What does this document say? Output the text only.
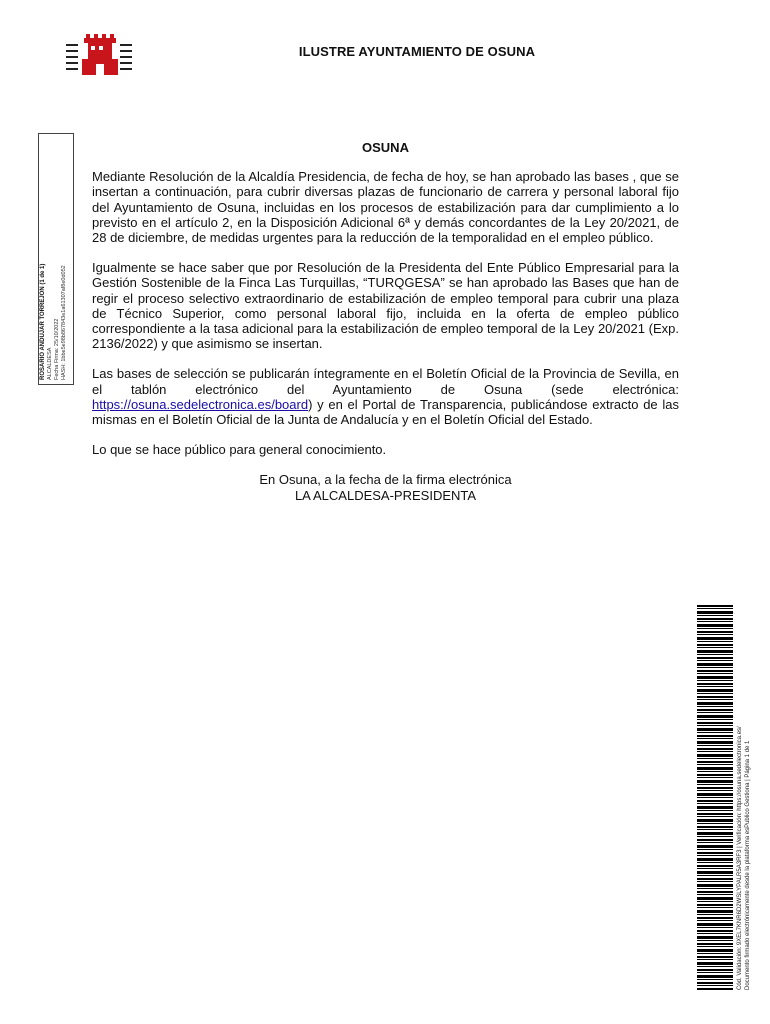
ILUSTRE AYUNTAMIENTO DE OSUNA
ROSARIO ANDUJAR TORREJON (1 de 1) ALCALDESA Fecha Firma: 25/10/2022 HASH: 1bbe5e98b867843e1a61307af8e0d052

OSUNA

Mediante Resolución de la Alcaldía Presidencia, de fecha de hoy, se han aprobado las bases , que se insertan a continuación, para cubrir diversas plazas de funcionario de carrera y personal laboral fijo del Ayuntamiento de Osuna, incluidas en los procesos de estabilización para dar cumplimiento a lo previsto en el artículo 2, en la Disposición Adicional 6ª y demás concordantes de la Ley 20/2021, de 28 de diciembre, de medidas urgentes para la reducción de la temporalidad en el empleo público.

Igualmente se hace saber que por Resolución de la Presidenta del Ente Público Empresarial para la Gestión Sostenible de la Finca Las Turquillas, “TURQGESA” se han aprobado las Bases que han de regir el proceso selectivo extraordinario de estabilización de empleo temporal para cubrir una plaza de Técnico Superior, como personal laboral fijo, incluida en la oferta de empleo público correspondiente a la tasa adicional para la estabilización de empleo temporal de la Ley 20/2021 (Exp. 2136/2022) y que asimismo se insertan.

Las bases de selección se publicarán íntegramente en el Boletín Oficial de la Provincia de Sevilla, en el tablón electrónico del Ayuntamiento de Osuna (sede electrónica: https://osuna.sedelectronica.es/board) y en el Portal de Transparencia, publicándose extracto de las mismas en el Boletín Oficial de la Junta de Andalucía y en el Boletín Oficial del Estado.

Lo que se hace público para general conocimiento.

En Osuna, a la fecha de la firma electrónica

LA ALCALDESA-PRESIDENTA

Cód. Validación: 9XEL7KNR6D2WSLYPALR5A3RF3 | Verificación: https://osuna.sedelectronica.es/ Documento firmado electrónicamente desde la plataforma esPublico Gestiona | Página 1 de 1
